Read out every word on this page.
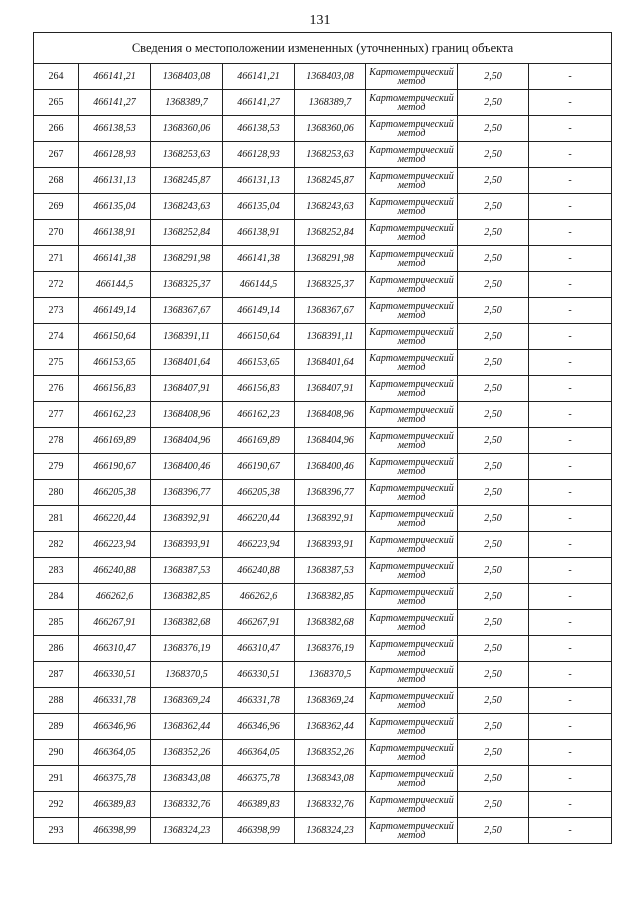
131
Сведения о местоположении измененных (уточненных) границ объекта							
264	466141,21	1368403,08	466141,21	1368403,08	Картометрический
метод	2,50	-
265	466141,27	1368389,7	466141,27	1368389,7	Картометрический
метод	2,50	-
266	466138,53	1368360,06	466138,53	1368360,06	Картометрический
метод	2,50	-
267	466128,93	1368253,63	466128,93	1368253,63	Картометрический
метод	2,50	-
268	466131,13	1368245,87	466131,13	1368245,87	Картометрический
метод	2,50	-
269	466135,04	1368243,63	466135,04	1368243,63	Картометрический
метод	2,50	-
270	466138,91	1368252,84	466138,91	1368252,84	Картометрический
метод	2,50	-
271	466141,38	1368291,98	466141,38	1368291,98	Картометрический
метод	2,50	-
272	466144,5	1368325,37	466144,5	1368325,37	Картометрический
метод	2,50	-
273	466149,14	1368367,67	466149,14	1368367,67	Картометрический
метод	2,50	-
274	466150,64	1368391,11	466150,64	1368391,11	Картометрический
метод	2,50	-
275	466153,65	1368401,64	466153,65	1368401,64	Картометрический
метод	2,50	-
276	466156,83	1368407,91	466156,83	1368407,91	Картометрический
метод	2,50	-
277	466162,23	1368408,96	466162,23	1368408,96	Картометрический
метод	2,50	-
278	466169,89	1368404,96	466169,89	1368404,96	Картометрический
метод	2,50	-
279	466190,67	1368400,46	466190,67	1368400,46	Картометрический
метод	2,50	-
280	466205,38	1368396,77	466205,38	1368396,77	Картометрический
метод	2,50	-
281	466220,44	1368392,91	466220,44	1368392,91	Картометрический
метод	2,50	-
282	466223,94	1368393,91	466223,94	1368393,91	Картометрический
метод	2,50	-
283	466240,88	1368387,53	466240,88	1368387,53	Картометрический
метод	2,50	-
284	466262,6	1368382,85	466262,6	1368382,85	Картометрический
метод	2,50	-
285	466267,91	1368382,68	466267,91	1368382,68	Картометрический
метод	2,50	-
286	466310,47	1368376,19	466310,47	1368376,19	Картометрический
метод	2,50	-
287	466330,51	1368370,5	466330,51	1368370,5	Картометрический
метод	2,50	-
288	466331,78	1368369,24	466331,78	1368369,24	Картометрический
метод	2,50	-
289	466346,96	1368362,44	466346,96	1368362,44	Картометрический
метод	2,50	-
290	466364,05	1368352,26	466364,05	1368352,26	Картометрический
метод	2,50	-
291	466375,78	1368343,08	466375,78	1368343,08	Картометрический
метод	2,50	-
292	466389,83	1368332,76	466389,83	1368332,76	Картометрический
метод	2,50	-
293	466398,99	1368324,23	466398,99	1368324,23	Картометрический
метод	2,50	-
